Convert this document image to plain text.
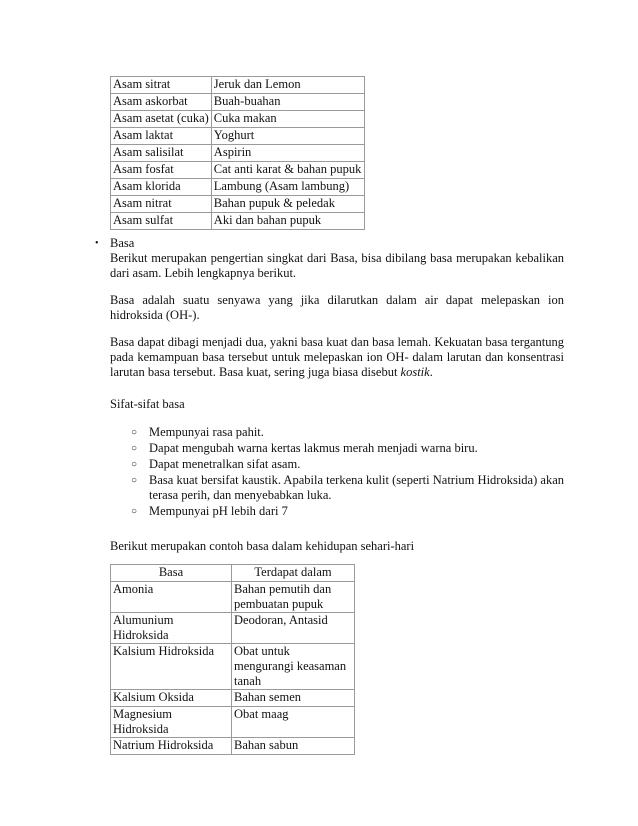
Asam sitrat	Jeruk dan Lemon
Asam askorbat	Buah-buahan
Asam asetat (cuka)	Cuka makan
Asam laktat	Yoghurt
Asam salisilat	Aspirin
Asam fosfat	Cat anti karat & bahan pupuk
Asam klorida	Lambung (Asam lambung)
Asam nitrat	Bahan pupuk & peledak
Asam sulfat	Aki dan bahan pupuk
• Basa
Berikut merupakan pengertian singkat dari Basa, bisa dibilang basa merupakan kebalikan dari asam. Lebih lengkapnya berikut.
Basa adalah suatu senyawa yang jika dilarutkan dalam air dapat melepaskan ion hidroksida (OH-).
Basa dapat dibagi menjadi dua, yakni basa kuat dan basa lemah. Kekuatan basa tergantung pada kemampuan basa tersebut untuk melepaskan ion OH- dalam larutan dan konsentrasi larutan basa tersebut. Basa kuat, sering juga biasa disebut kostik.
Sifat-sifat basa
○ Mempunyai rasa pahit.
○ Dapat mengubah warna kertas lakmus merah menjadi warna biru.
○ Dapat menetralkan sifat asam.
○ Basa kuat bersifat kaustik. Apabila terkena kulit (seperti Natrium Hidroksida) akan terasa perih, dan menyebabkan luka.
○ Mempunyai pH lebih dari 7
Berikut merupakan contoh basa dalam kehidupan sehari-hari
Basa	Terdapat dalam
Amonia	Bahan pemutih dan pembuatan pupuk
Alumunium Hidroksida	Deodoran, Antasid
Kalsium Hidroksida	Obat untuk mengurangi keasaman tanah
Kalsium Oksida	Bahan semen
Magnesium Hidroksida	Obat maag
Natrium Hidroksida	Bahan sabun
